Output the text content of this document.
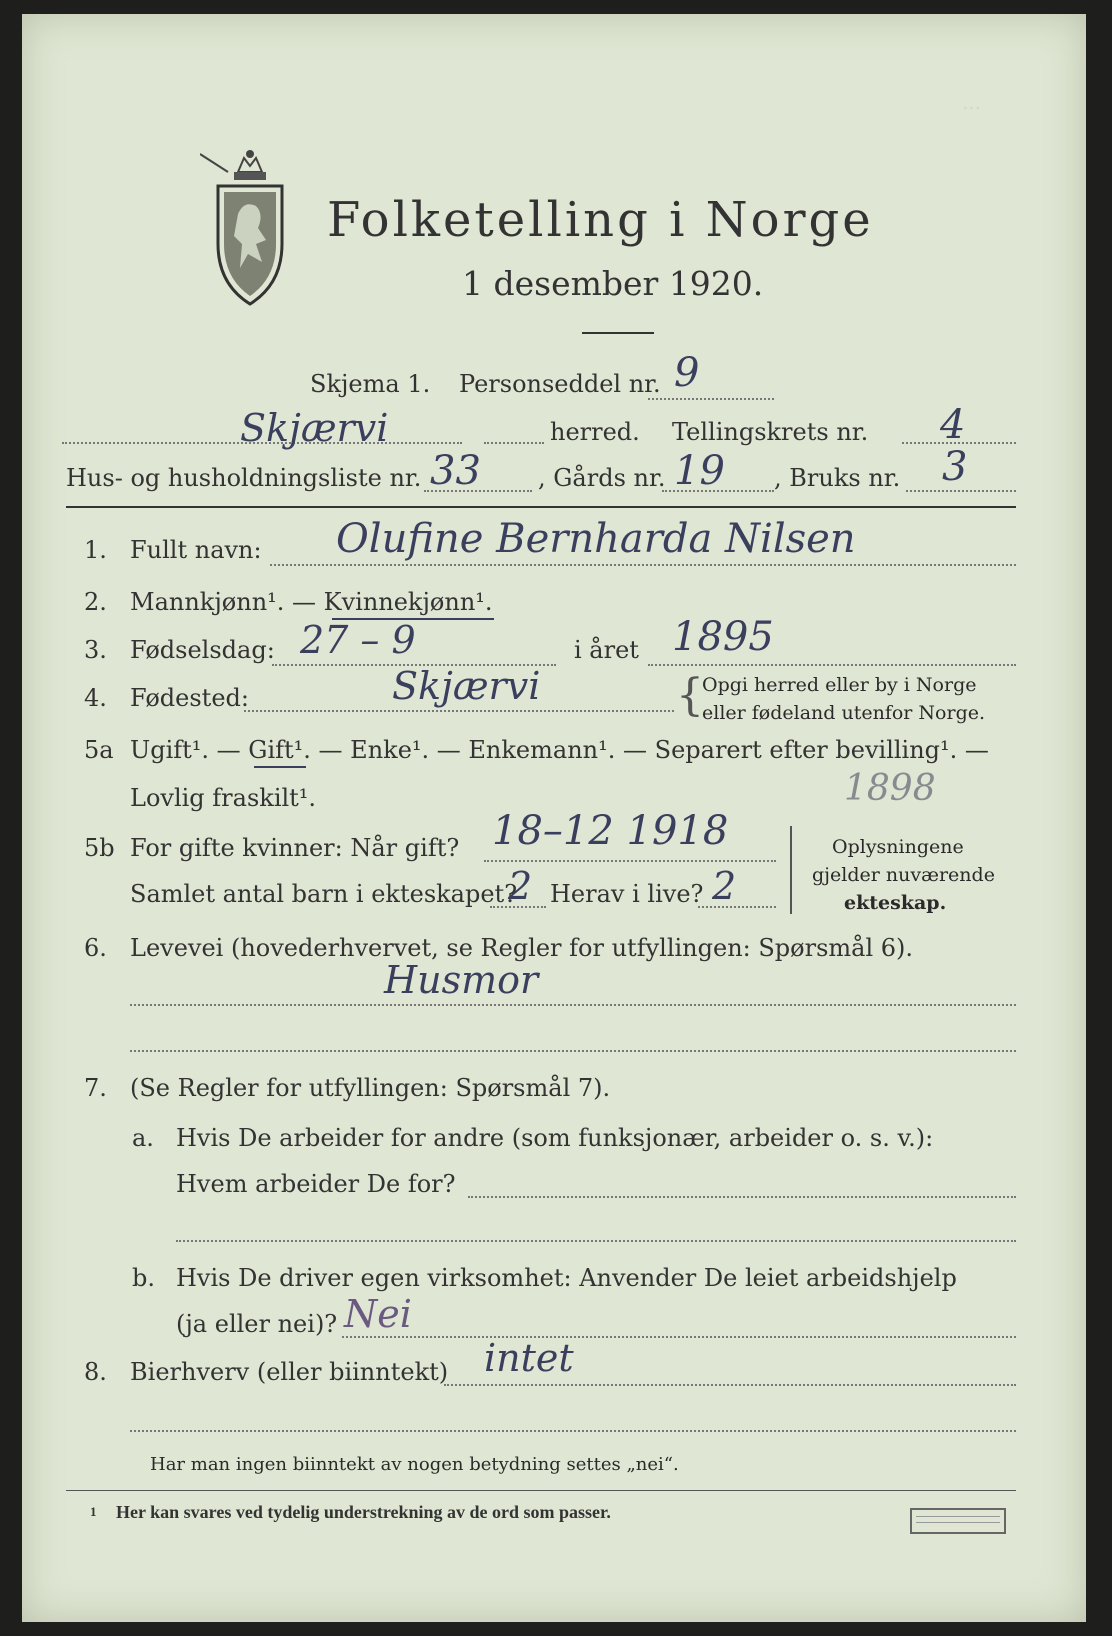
…
Folketelling i Norge
1 desember 1920.
Skjema 1. Personseddel nr. 9
Skjærvi	herred. Tellingskrets nr. 4
Hus- og husholdningsliste nr. 33 , Gårds nr. 19 , Bruks nr. 3
1. Fullt navn: Olufine Bernharda Nilsen
2. Mannkjønn¹. — Kvinnekjønn¹.
3. Fødselsdag: 27 – 9	i året 1895
4. Fødested:	Skjærvi	{
Opgi herred eller by i Norge
eller fødeland utenfor Norge.
5a Ugift¹. — Gift¹. — Enke¹. — Enkemann¹. — Separert efter bevilling¹. —
Lovlig fraskilt¹.	1898
5b For gifte kvinner: Når gift? 18–12 1918
Samlet antal barn i ekteskapet?
2 Herav i live? 2
Oplysningene
gjelder nuværende
ekteskap.
6. Levevei (hovederhvervet, se Regler for utfyllingen: Spørsmål 6).
Husmor
7. (Se Regler for utfyllingen: Spørsmål 7).
a. Hvis De arbeider for andre (som funksjonær, arbeider o. s. v.):
Hvem arbeider De for?
b. Hvis De driver egen virksomhet: Anvender De leiet arbeidshjelp
(ja eller nei)? Nei
8. Bierhverv (eller biinntekt) intet
Har man ingen biinntekt av nogen betydning settes „nei“.
1 Her kan svares ved tydelig understrekning av de ord som passer.
